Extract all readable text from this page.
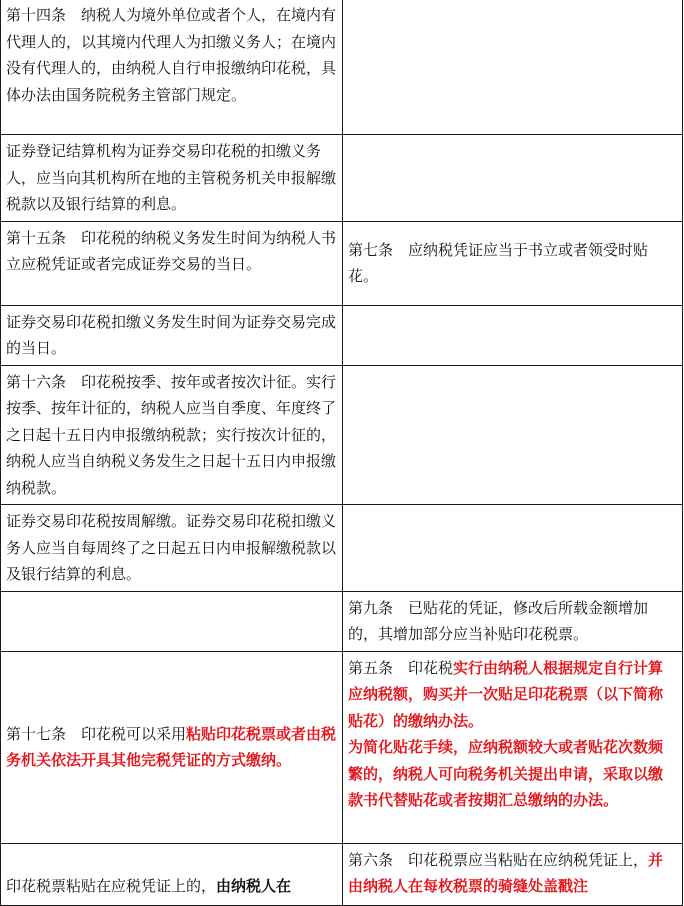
第十四条　纳税人为境外单位或者个人，在境内有代理人的，以其境内代理人为扣缴义务人；在境内没有代理人的，由纳税人自行申报缴纳印花税，具体办法由国务院税务主管部门规定。	

证券登记结算机构为证券交易印花税的扣缴义务人，应当向其机构所在地的主管税务机关申报解缴税款以及银行结算的利息。	
第十五条　印花税的纳税义务发生时间为纳税人书立应税凭证或者完成证券交易的当日。	第七条　应纳税凭证应当于书立或者领受时贴花。
证券交易印花税扣缴义务发生时间为证券交易完成的当日。	
第十六条　印花税按季、按年或者按次计征。实行按季、按年计征的，纳税人应当自季度、年度终了之日起十五日内申报缴纳税款；实行按次计征的，纳税人应当自纳税义务发生之日起十五日内申报缴纳税款。	
证券交易印花税按周解缴。证券交易印花税扣缴义务人应当自每周终了之日起五日内申报解缴税款以及银行结算的利息。	
	第九条　已贴花的凭证，修改后所载金额增加的，其增加部分应当补贴印花税票。
第十七条　印花税可以采用粘贴印花税票或者由税务机关依法开具其他完税凭证的方式缴纳。	第五条　印花税实行由纳税人根据规定自行计算应纳税额，购买并一次贴足印花税票（以下简称贴花）的缴纳办法。
为简化贴花手续，应纳税额较大或者贴花次数频繁的，纳税人可向税务机关提出申请，采取以缴款书代替贴花或者按期汇总缴纳的办法。

印花税票粘贴在应税凭证上的，由纳税人在	第六条　印花税票应当粘贴在应纳税凭证上，并由纳税人在每枚税票的骑缝处盖戳注
